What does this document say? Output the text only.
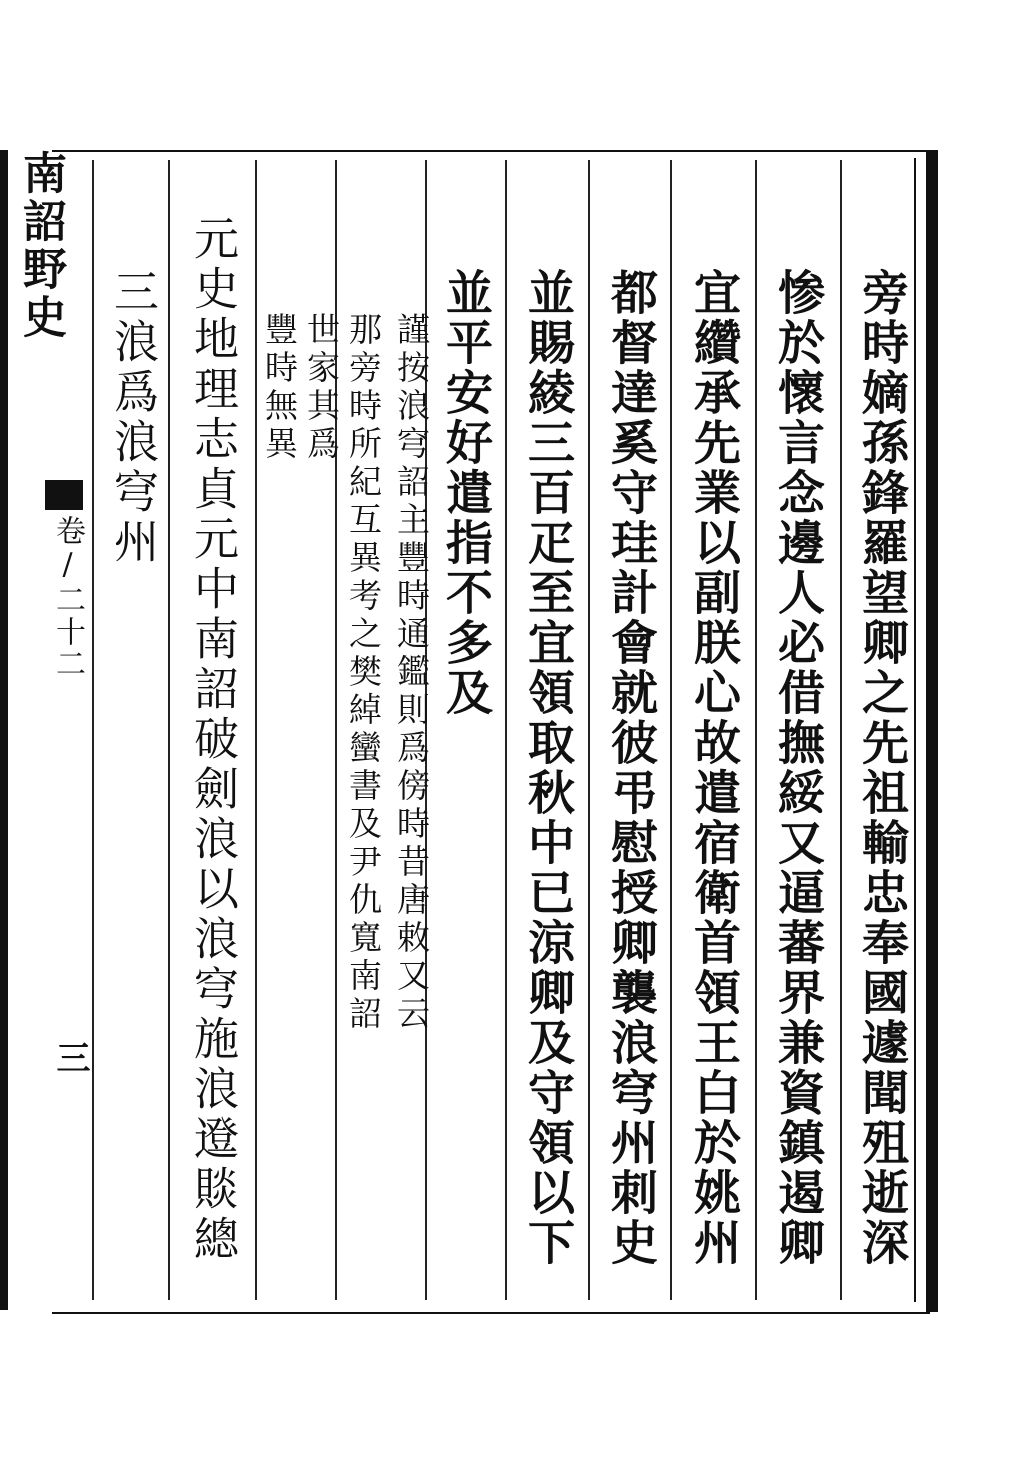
旁時嫡孫鋒羅望卿之先祖輸忠奉國遽聞殂逝深
惨於懷言念邊人必借撫綏又逼蕃界兼資鎮遏卿
宜纘承先業以副朕心故遣宿衛首領王白於姚州
都督達奚守珪計會就彼弔慰授卿襲浪穹州刺史
並賜綾三百疋至宜領取秋中已涼卿及守領以下
並平安好遣指不多及
謹按浪穹詔主豐時通鑑則爲傍時昔唐敕又云
那旁時所紀互異考之樊綽蠻書及尹仇寬南詔
世家其爲
豐時無異
元史地理志貞元中南詔破劍浪以浪穹施浪邆賧總
三浪爲浪穹州
南詔野史
卷/二十二
三
